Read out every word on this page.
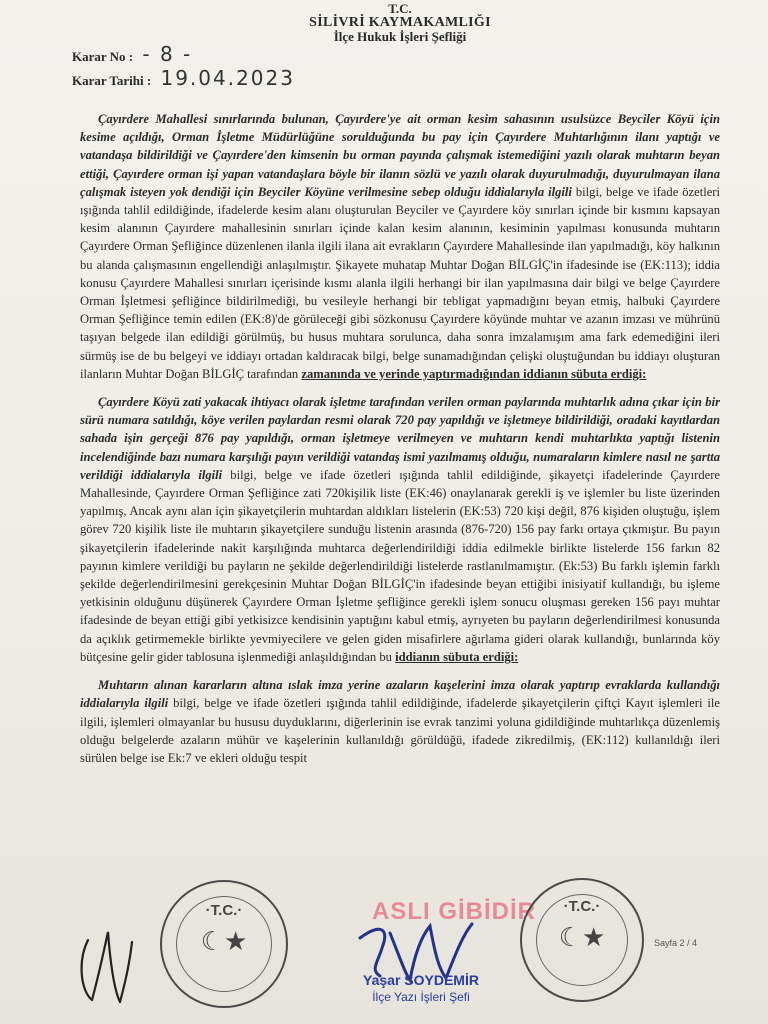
T.C.
SİLİVRİ KAYMAKAMLIĞI
İlçe Hukuk İşleri Şefliği
Karar No : - 8 -
Karar Tarihi : 19.04.2023

Çayırdere Mahallesi sınırlarında bulunan, Çayırdere'ye ait orman kesim sahasının usulsüzce Beyciler Köyü için kesime açıldığı, Orman İşletme Müdürlüğüne sorulduğunda bu pay için Çayırdere Muhtarlığının ilanı yaptığı ve vatandaşa bildirildiği ve Çayırdere'den kimsenin bu orman payında çalışmak istemediğini yazılı olarak muhtarın beyan ettiği, Çayırdere orman işi yapan vatandaşlara böyle bir ilanın sözlü ve yazılı olarak duyurulmadığı, duyurulmayan ilana çalışmak isteyen yok dendiği için Beyciler Köyüne verilmesine sebep olduğu iddialarıyla ilgili bilgi, belge ve ifade özetleri ışığında tahlil edildiğinde, ifadelerde kesim alanı oluşturulan Beyciler ve Çayırdere köy sınırları içinde bir kısmını kapsayan kesim alanının Çayırdere mahallesinin sınırları içinde kalan kesim alanının, kesiminin yapılması konusunda muhtarın Çayırdere Orman Şefliğince düzenlenen ilanla ilgili ilana ait evrakların Çayırdere Mahallesinde ilan yapılmadığı, köy halkının bu alanda çalışmasının engellendiği anlaşılmıştır. Şikayete muhatap Muhtar Doğan BİLGİÇ'in ifadesinde ise (EK:113); iddia konusu Çayırdere Mahallesi sınırları içerisinde kısmı alanla ilgili herhangi bir ilan yapılmasına dair bilgi ve belge Çayırdere Orman İşletmesi şefliğince bildirilmediği, bu vesileyle herhangi bir tebligat yapmadığını beyan etmiş, halbuki Çayırdere Orman Şefliğince temin edilen (EK:8)'de görüleceği gibi sözkonusu Çayırdere köyünde muhtar ve azanın imzası ve mührünü taşıyan belgede ilan edildiği görülmüş, bu husus muhtara sorulunca, daha sonra imzalamışım ama fark edemediğini ileri sürmüş ise de bu belgeyi ve iddiayı ortadan kaldıracak bilgi, belge sunamadığından çelişki oluştuğundan bu iddiayı oluşturan ilanların Muhtar Doğan BİLGİÇ tarafından zamanında ve yerinde yaptırmadığından iddianın sübuta erdiği:

Çayırdere Köyü zati yakacak ihtiyacı olarak işletme tarafından verilen orman paylarında muhtarlık adına çıkar için bir sürü numara satıldığı, köye verilen paylardan resmi olarak 720 pay yapıldığı ve işletmeye bildirildiği, oradaki kayıtlardan sahada işin gerçeği 876 pay yapıldığı, orman işletmeye verilmeyen ve muhtarın kendi muhtarlıkta yaptığı listenin incelendiğinde bazı numara karşılığı payın verildiği vatandaş ismi yazılmamış olduğu, numaraların kimlere nasıl ne şartta verildiği iddialarıyla ilgili bilgi, belge ve ifade özetleri ışığında tahlil edildiğinde, şikayetçi ifadelerinde Çayırdere Mahallesinde, Çayırdere Orman Şefliğince zati 720kişilik liste (EK:46) onaylanarak gerekli iş ve işlemler bu liste üzerinden yapılmış, Ancak aynı alan için şikayetçilerin muhtardan aldıkları listelerin (EK:53) 720 kişi değil, 876 kişiden oluştuğu, işlem görev 720 kişilik liste ile muhtarın şikayetçilere sunduğu listenin arasında (876-720) 156 pay farkı ortaya çıkmıştır. Bu payın şikayetçilerin ifadelerinde nakit karşılığında muhtarca değerlendirildiği iddia edilmekle birlikte listelerde 156 farkın 82 payının kimlere verildiği bu payların ne şekilde değerlendirildiği listelerde rastlanılmamıştır. (Ek:53) Bu farklı işlemin farklı şekilde değerlendirilmesini gerekçesinin Muhtar Doğan BİLGİÇ'in ifadesinde beyan ettiğibi inisiyatif kullandığı, bu işleme yetkisinin olduğunu düşünerek Çayırdere Orman İşletme şefliğince gerekli işlem sonucu oluşması gereken 156 payı muhtar ifadesinde de beyan ettiği gibi yetkisizce kendisinin yaptığını kabul etmiş, ayrıyeten bu payların değerlendirilmesi konusunda da açıklık getirmemekle birlikte yevmiyecilere ve gelen giden misafirlere ağırlama gideri olarak kullandığı, bunlarında köy bütçesine gelir gider tablosuna işlenmediği anlaşıldığından bu iddianın sübuta erdiği:

Muhtarın alınan kararların altına ıslak imza yerine azaların kaşelerini imza olarak yaptırıp evraklarda kullandığı iddialarıyla ilgili bilgi, belge ve ifade özetleri ışığında tahlil edildiğinde, ifadelerde şikayetçilerin çiftçi Kayıt işlemleri ile ilgili, işlemleri olmayanlar bu hususu duyduklarını, diğerlerinin ise evrak tanzimi yoluna gidildiğinde muhtarlıkça düzenlemiş olduğu belgelerde azaların mühür ve kaşelerinin kullanıldığı görüldüğü, ifadede zikredilmiş, (EK:112) kullanıldığı ileri sürülen belge ise Ek:7 ve ekleri olduğu tespit

·T.C.·
☾★
ASLI GİBİDİR
Yaşar SOYDEMİR
İlçe Yazı İşleri Şefi
·T.C.·
☾★	Sayfa 2 / 4
